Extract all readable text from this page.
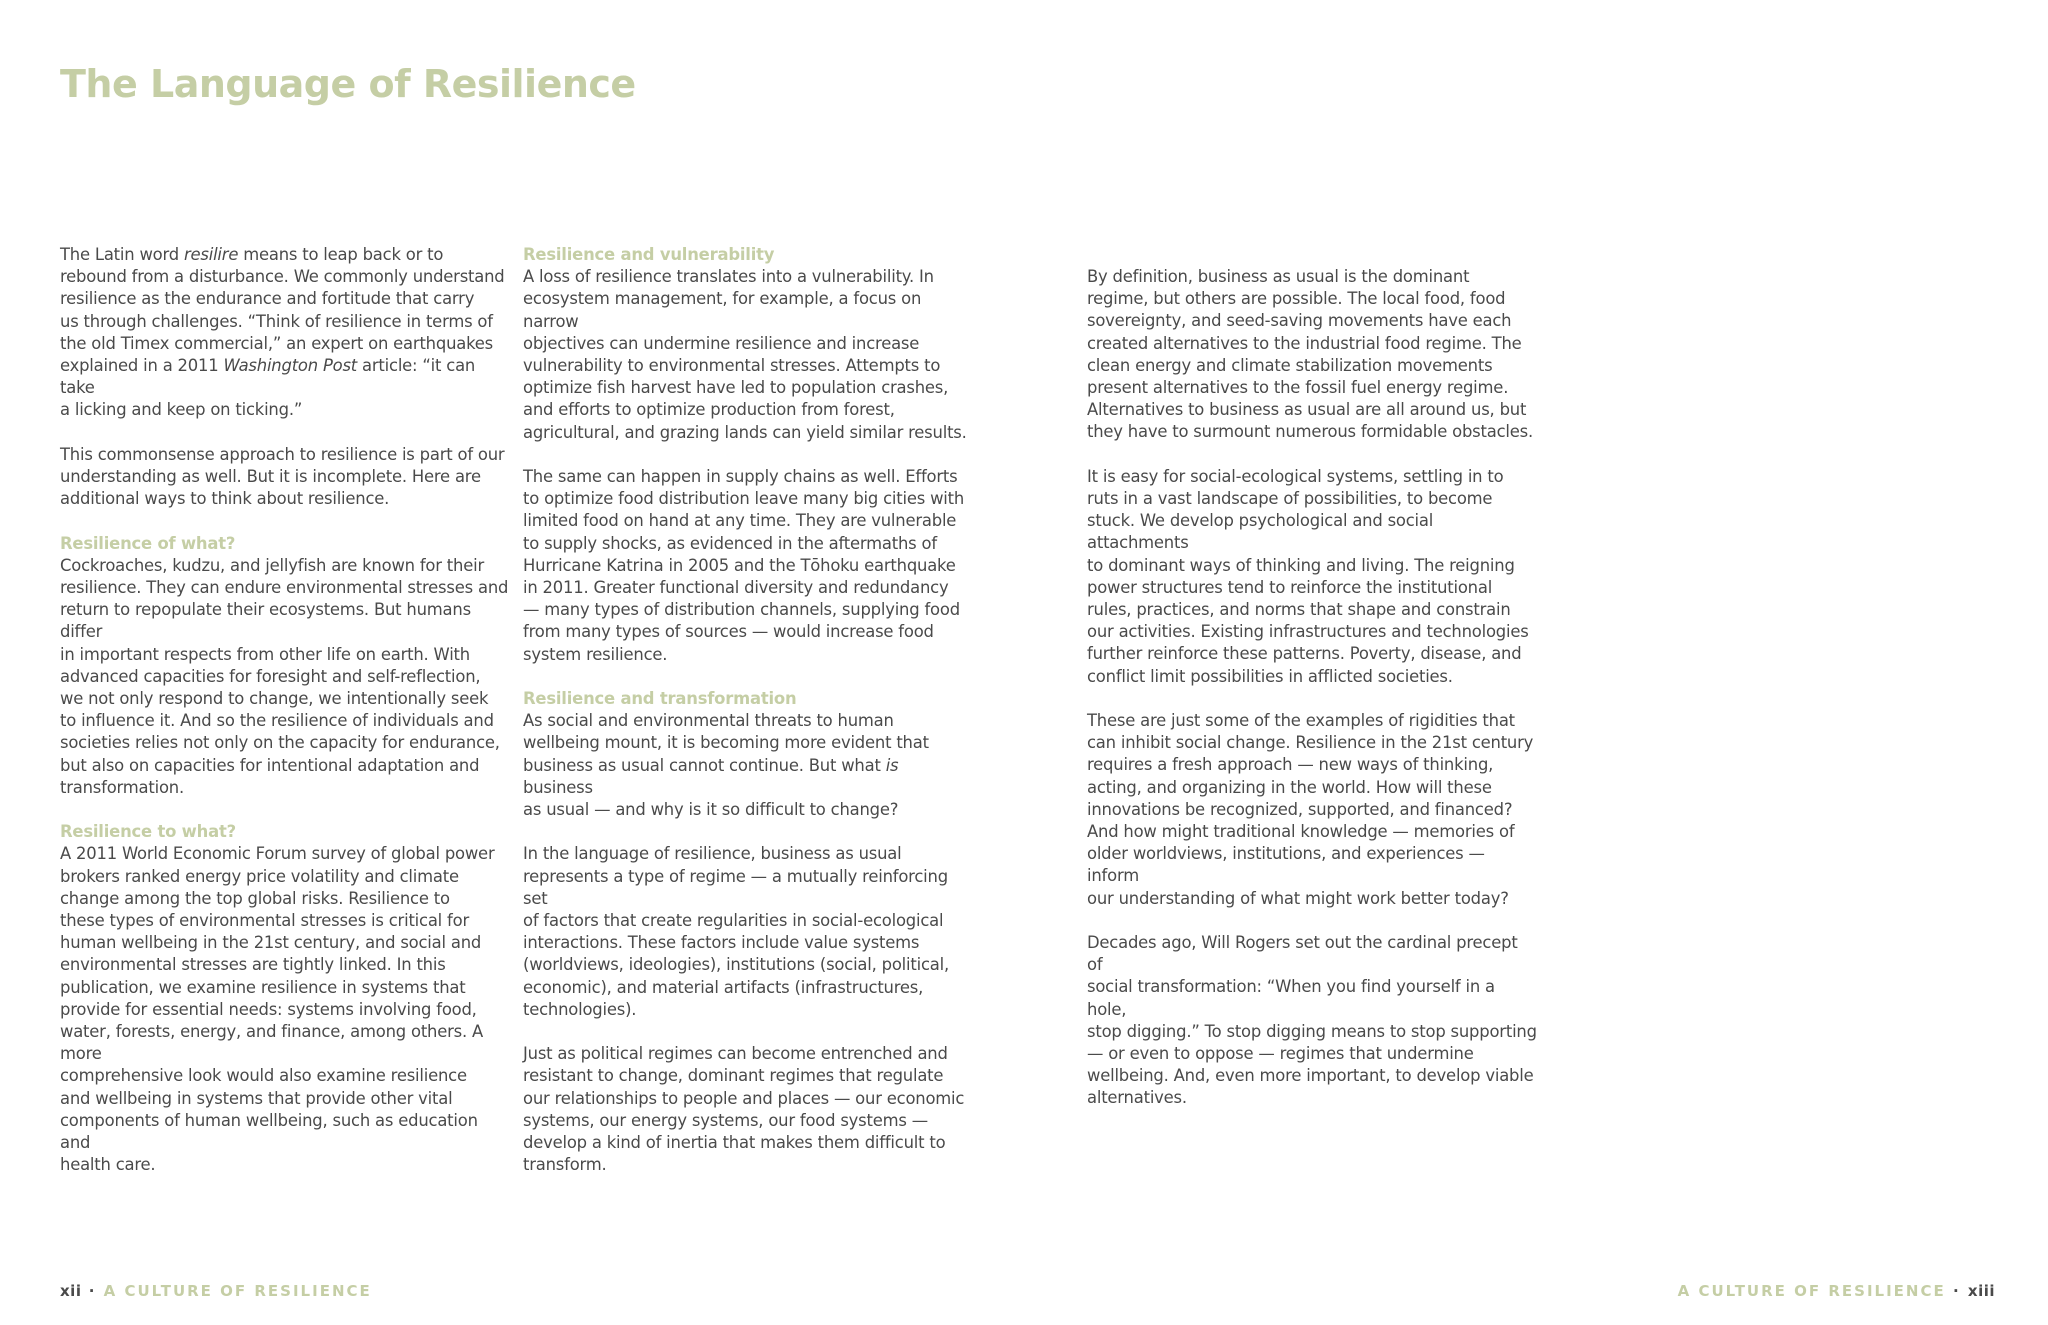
The Language of Resilience

The Latin word resilire means to leap back or to
rebound from a disturbance. We commonly understand
resilience as the endurance and fortitude that carry
us through challenges. “Think of resilience in terms of
the old Timex commercial,” an expert on earthquakes
explained in a 2011 Washington Post article: “it can take
a licking and keep on ticking.”

This commonsense approach to resilience is part of our
understanding as well. But it is incomplete. Here are
additional ways to think about resilience.

Resilience of what?

Cockroaches, kudzu, and jellyfish are known for their
resilience. They can endure environmental stresses and
return to repopulate their ecosystems. But humans differ
in important respects from other life on earth. With
advanced capacities for foresight and self-reflection,
we not only respond to change, we intentionally seek
to influence it. And so the resilience of individuals and
societies relies not only on the capacity for endurance,
but also on capacities for intentional adaptation and
transformation.

Resilience to what?

A 2011 World Economic Forum survey of global power
brokers ranked energy price volatility and climate
change among the top global risks. Resilience to
these types of environmental stresses is critical for
human wellbeing in the 21st century, and social and
environmental stresses are tightly linked. In this
publication, we examine resilience in systems that
provide for essential needs: systems involving food,
water, forests, energy, and finance, among others. A more
comprehensive look would also examine resilience
and wellbeing in systems that provide other vital
components of human wellbeing, such as education and
health care.

Resilience and vulnerability

A loss of resilience translates into a vulnerability. In
ecosystem management, for example, a focus on narrow
objectives can undermine resilience and increase
vulnerability to environmental stresses. Attempts to
optimize fish harvest have led to population crashes,
and efforts to optimize production from forest,
agricultural, and grazing lands can yield similar results.

The same can happen in supply chains as well. Efforts
to optimize food distribution leave many big cities with
limited food on hand at any time. They are vulnerable
to supply shocks, as evidenced in the aftermaths of
Hurricane Katrina in 2005 and the Tōhoku earthquake
in 2011. Greater functional diversity and redundancy
— many types of distribution channels, supplying food
from many types of sources — would increase food
system resilience.

Resilience and transformation

As social and environmental threats to human
wellbeing mount, it is becoming more evident that
business as usual cannot continue. But what is business
as usual — and why is it so difficult to change?

In the language of resilience, business as usual
represents a type of regime — a mutually reinforcing set
of factors that create regularities in social-ecological
interactions. These factors include value systems
(worldviews, ideologies), institutions (social, political,
economic), and material artifacts (infrastructures,
technologies).

Just as political regimes can become entrenched and
resistant to change, dominant regimes that regulate
our relationships to people and places — our economic
systems, our energy systems, our food systems —
develop a kind of inertia that makes them difficult to
transform.

By definition, business as usual is the dominant
regime, but others are possible. The local food, food
sovereignty, and seed-saving movements have each
created alternatives to the industrial food regime. The
clean energy and climate stabilization movements
present alternatives to the fossil fuel energy regime.
Alternatives to business as usual are all around us, but
they have to surmount numerous formidable obstacles.

It is easy for social-ecological systems, settling in to
ruts in a vast landscape of possibilities, to become
stuck. We develop psychological and social attachments
to dominant ways of thinking and living. The reigning
power structures tend to reinforce the institutional
rules, practices, and norms that shape and constrain
our activities. Existing infrastructures and technologies
further reinforce these patterns. Poverty, disease, and
conflict limit possibilities in afflicted societies.

These are just some of the examples of rigidities that
can inhibit social change. Resilience in the 21st century
requires a fresh approach — new ways of thinking,
acting, and organizing in the world. How will these
innovations be recognized, supported, and financed?
And how might traditional knowledge — memories of
older worldviews, institutions, and experiences — inform
our understanding of what might work better today?

Decades ago, Will Rogers set out the cardinal precept of
social transformation: “When you find yourself in a hole,
stop digging.” To stop digging means to stop supporting
— or even to oppose — regimes that undermine
wellbeing. And, even more important, to develop viable
alternatives.

xii · A CULTURE OF RESILIENCE	A CULTURE OF RESILIENCE · xiii
